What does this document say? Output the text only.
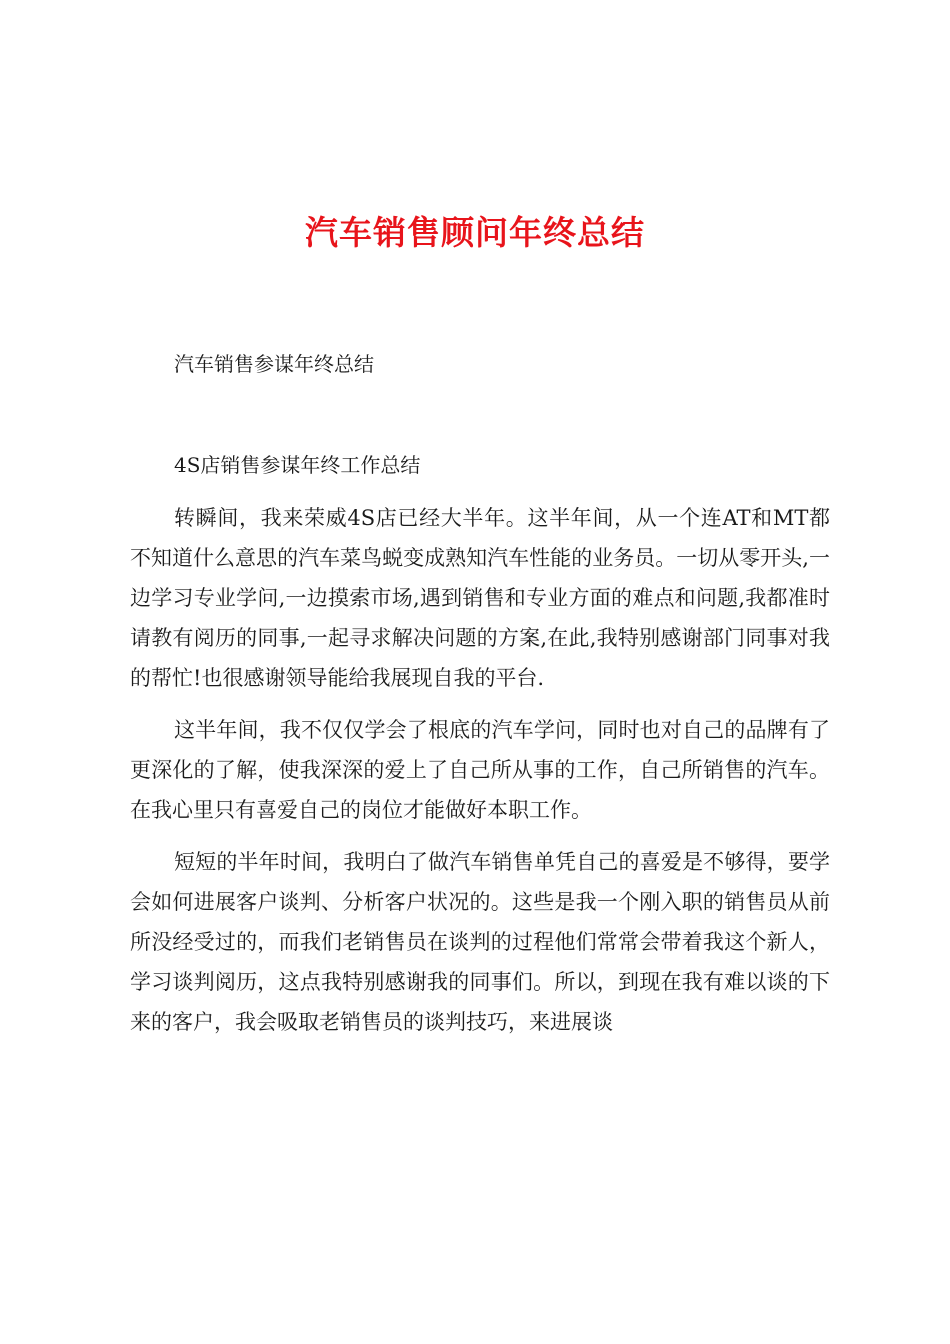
汽车销售顾问年终总结

汽车销售参谋年终总结

4S店销售参谋年终工作总结

转瞬间，我来荣威4S店已经大半年。这半年间，从一个连AT和MT都不知道什么意思的汽车菜鸟蜕变成熟知汽车性能的业务员。一切从零开头,一边学习专业学问,一边摸索市场,遇到销售和专业方面的难点和问题,我都准时请教有阅历的同事,一起寻求解决问题的方案,在此,我特别感谢部门同事对我的帮忙!也很感谢领导能给我展现自我的平台.

这半年间，我不仅仅学会了根底的汽车学问，同时也对自己的品牌有了更深化的了解，使我深深的爱上了自己所从事的工作，自己所销售的汽车。在我心里只有喜爱自己的岗位才能做好本职工作。

短短的半年时间，我明白了做汽车销售单凭自己的喜爱是不够得，要学会如何进展客户谈判、分析客户状况的。这些是我一个刚入职的销售员从前所没经受过的，而我们老销售员在谈判的过程他们常常会带着我这个新人，学习谈判阅历，这点我特别感谢我的同事们。所以，到现在我有难以谈的下来的客户，我会吸取老销售员的谈判技巧，来进展谈
